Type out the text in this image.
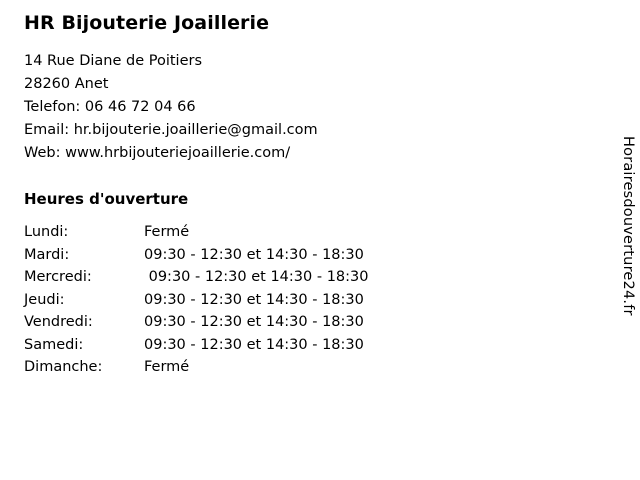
HR Bijouterie Joaillerie

14 Rue Diane de Poitiers

28260 Anet

Telefon: 06 46 72 04 66

Email: hr.bijouterie.joaillerie@gmail.com

Web: www.hrbijouteriejoaillerie.com/

Heures d'ouverture
Lundi:	Fermé
Mardi:	09:30 - 12:30 et 14:30 - 18:30
Mercredi:	09:30 - 12:30 et 14:30 - 18:30
Jeudi:	09:30 - 12:30 et 14:30 - 18:30
Vendredi:	09:30 - 12:30 et 14:30 - 18:30
Samedi:	09:30 - 12:30 et 14:30 - 18:30
Dimanche:	Fermé
Horairesdouverture24.fr
